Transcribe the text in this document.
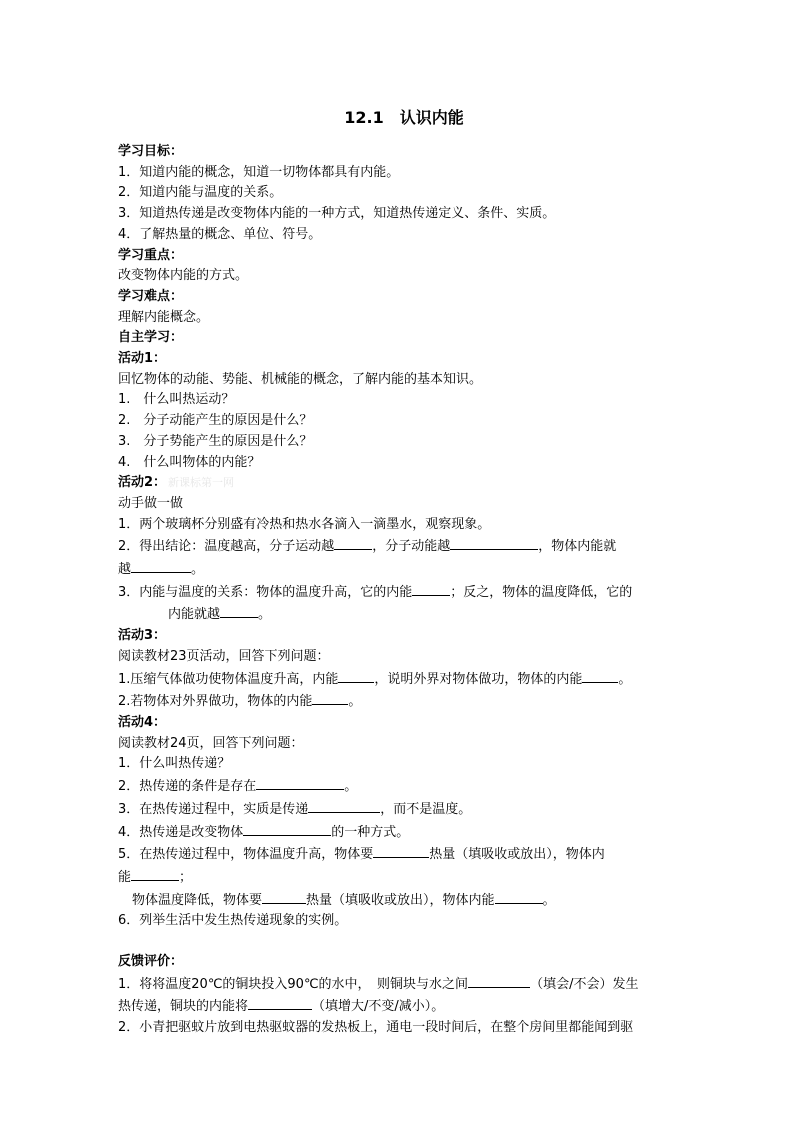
12.1　认识内能
学习目标：
1．知道内能的概念，知道一切物体都具有内能。
2．知道内能与温度的关系。
3．知道热传递是改变物体内能的一种方式，知道热传递定义、条件、实质。
4．了解热量的概念、单位、符号。
学习重点：
改变物体内能的方式。
学习难点：
理解内能概念。
自主学习：
活动1：
回忆物体的动能、势能、机械能的概念，了解内能的基本知识。
1.　什么叫热运动？
2.　分子动能产生的原因是什么？
3.　分子势能产生的原因是什么？
4.　什么叫物体的内能？
活动2： 新课标第一网
动手做一做
1．两个玻璃杯分别盛有冷热和热水各滴入一滴墨水，观察现象。
2．得出结论：温度越高，分子运动越	，分子动能越	，物体内能就
越	。
3．内能与温度的关系：物体的温度升高，它的内能	；反之，物体的温度降低，它的
内能就越	。
活动3：
阅读教材23页活动，回答下列问题：
1.压缩气体做功使物体温度升高，内能	，说明外界对物体做功，物体的内能	。
2.若物体对外界做功，物体的内能	。
活动4：
阅读教材24页，回答下列问题：
1．什么叫热传递？
2．热传递的条件是存在	。
3．在热传递过程中，实质是传递	，而不是温度。
4．热传递是改变物体	的一种方式。
5．在热传递过程中，物体温度升高，物体要	热量（填吸收或放出），物体内
能	；
物体温度降低，物体要	热量（填吸收或放出），物体内能	。
6．列举生活中发生热传递现象的实例。
反馈评价：
1．将将温度20℃的铜块投入90℃的水中，　则铜块与水之间	（填会/不会）发生
热传递，铜块的内能将	（填增大/不变/减小）。
2．小青把驱蚊片放到电热驱蚊器的发热板上，通电一段时间后，在整个房间里都能闻到驱
